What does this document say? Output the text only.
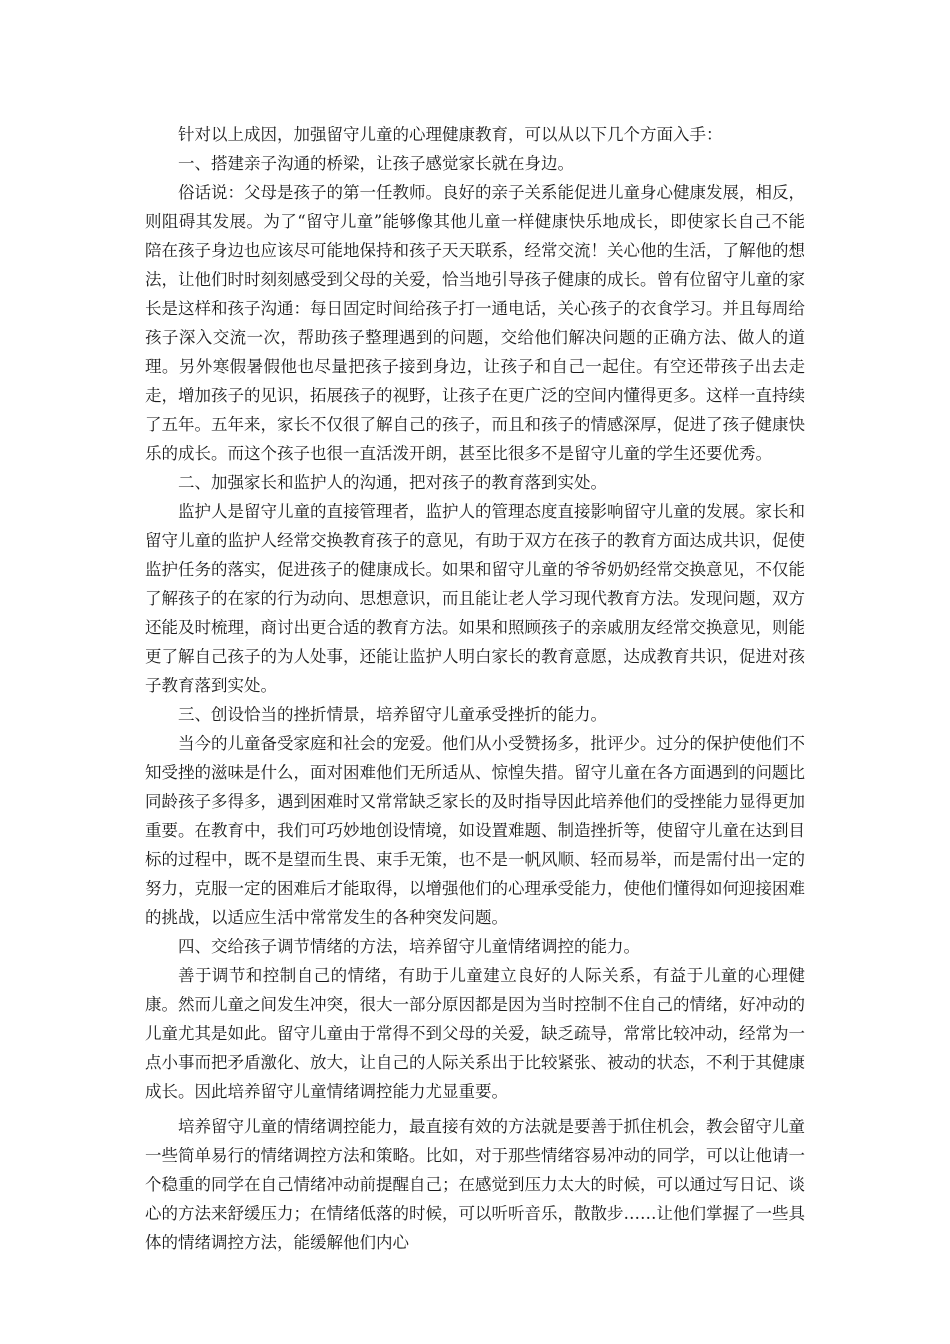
针对以上成因，加强留守儿童的心理健康教育，可以从以下几个方面入手：

一、搭建亲子沟通的桥梁，让孩子感觉家长就在身边。

俗话说：父母是孩子的第一任教师。良好的亲子关系能促进儿童身心健康发展，相反，则阻碍其发展。为了“留守儿童”能够像其他儿童一样健康快乐地成长，即使家长自己不能陪在孩子身边也应该尽可能地保持和孩子天天联系，经常交流！关心他的生活，了解他的想法，让他们时时刻刻感受到父母的关爱，恰当地引导孩子健康的成长。曾有位留守儿童的家长是这样和孩子沟通：每日固定时间给孩子打一通电话，关心孩子的衣食学习。并且每周给孩子深入交流一次，帮助孩子整理遇到的问题，交给他们解决问题的正确方法、做人的道理。另外寒假暑假他也尽量把孩子接到身边，让孩子和自己一起住。有空还带孩子出去走走，增加孩子的见识，拓展孩子的视野，让孩子在更广泛的空间内懂得更多。这样一直持续了五年。五年来，家长不仅很了解自己的孩子，而且和孩子的情感深厚，促进了孩子健康快乐的成长。而这个孩子也很一直活泼开朗，甚至比很多不是留守儿童的学生还要优秀。

二、加强家长和监护人的沟通，把对孩子的教育落到实处。

监护人是留守儿童的直接管理者，监护人的管理态度直接影响留守儿童的发展。家长和留守儿童的监护人经常交换教育孩子的意见，有助于双方在孩子的教育方面达成共识，促使监护任务的落实，促进孩子的健康成长。如果和留守儿童的爷爷奶奶经常交换意见，不仅能了解孩子的在家的行为动向、思想意识，而且能让老人学习现代教育方法。发现问题，双方还能及时梳理，商讨出更合适的教育方法。如果和照顾孩子的亲戚朋友经常交换意见，则能更了解自己孩子的为人处事，还能让监护人明白家长的教育意愿，达成教育共识，促进对孩子教育落到实处。

三、创设恰当的挫折情景，培养留守儿童承受挫折的能力。

当今的儿童备受家庭和社会的宠爱。他们从小受赞扬多，批评少。过分的保护使他们不知受挫的滋味是什么，面对困难他们无所适从、惊惶失措。留守儿童在各方面遇到的问题比同龄孩子多得多，遇到困难时又常常缺乏家长的及时指导因此培养他们的受挫能力显得更加重要。在教育中，我们可巧妙地创设情境，如设置难题、制造挫折等，使留守儿童在达到目标的过程中，既不是望而生畏、束手无策，也不是一帆风顺、轻而易举，而是需付出一定的努力，克服一定的困难后才能取得，以增强他们的心理承受能力，使他们懂得如何迎接困难的挑战，以适应生活中常常发生的各种突发问题。

四、交给孩子调节情绪的方法，培养留守儿童情绪调控的能力。

善于调节和控制自己的情绪，有助于儿童建立良好的人际关系，有益于儿童的心理健康。然而儿童之间发生冲突，很大一部分原因都是因为当时控制不住自己的情绪，好冲动的儿童尤其是如此。留守儿童由于常得不到父母的关爱，缺乏疏导，常常比较冲动，经常为一点小事而把矛盾激化、放大，让自己的人际关系出于比较紧张、被动的状态，不利于其健康成长。因此培养留守儿童情绪调控能力尤显重要。

培养留守儿童的情绪调控能力，最直接有效的方法就是要善于抓住机会，教会留守儿童一些简单易行的情绪调控方法和策略。比如，对于那些情绪容易冲动的同学，可以让他请一个稳重的同学在自己情绪冲动前提醒自己；在感觉到压力太大的时候，可以通过写日记、谈心的方法来舒缓压力；在情绪低落的时候，可以听听音乐，散散步……让他们掌握了一些具体的情绪调控方法，能缓解他们内心
